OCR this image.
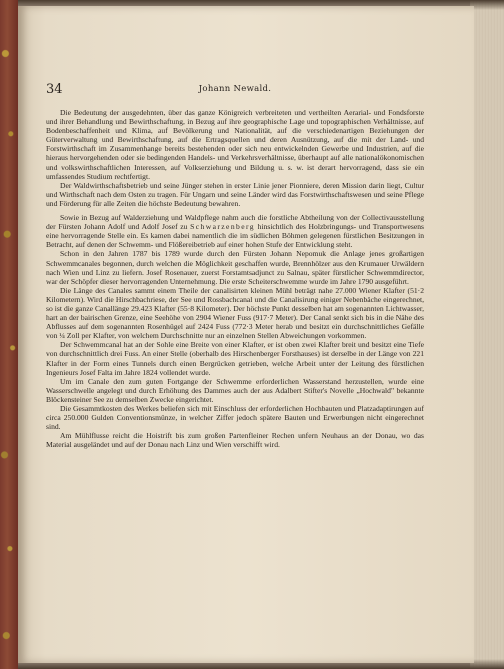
34	Johann Newald.

Die Bedeutung der ausgedehnten, über das ganze Königreich verbreiteten und vertheilten Aerarial- und Fondsforste und ihrer Behandlung und Bewirthschaftung, in Bezug auf ihre geographische Lage und topographischen Verhältnisse, auf Bodenbeschaffenheit und Klima, auf Bevölkerung und Nationalität, auf die verschiedenartigen Beziehungen der Güterverwaltung und Bewirthschaftung, auf die Ertragsquellen und deren Ausnützung, auf die mit der Land- und Forstwirthschaft im Zusammenhange bereits bestehenden oder sich neu entwickelnden Gewerbe und Industrien, auf die hieraus hervorgehenden oder sie bedingenden Handels- und Verkehrsverhältnisse, überhaupt auf alle nationalökonomischen und volkswirthschaftlichen Interessen, auf Volkserziehung und Bildung u. s. w. ist derart hervorragend, dass sie ein umfassendes Studium rechtfertigt.

Der Waldwirthschaftsbetrieb und seine Jünger stehen in erster Linie jener Pionniere, deren Mission darin liegt, Cultur und Wirthschaft nach dem Osten zu tragen. Für Ungarn und seine Länder wird das Forstwirthschaftswesen und seine Pflege und Förderung für alle Zeiten die höchste Bedeutung bewahren.

Sowie in Bezug auf Walderziehung und Waldpflege nahm auch die forstliche Abtheilung von der Collectivausstellung der Fürsten Johann Adolf und Adolf Josef zu Schwarzenberg hinsichtlich des Holzbringungs- und Transportwesens eine hervorragende Stelle ein. Es kamen dabei namentlich die im südlichen Böhmen gelegenen fürstlichen Besitzungen in Betracht, auf denen der Schwemm- und Flößereibetrieb auf einer hohen Stufe der Entwicklung steht.

Schon in den Jahren 1787 bis 1789 wurde durch den Fürsten Johann Nepomuk die Anlage jenes großartigen Schwemmcanales begonnen, durch welchen die Möglichkeit geschaffen wurde, Brennhölzer aus den Krumauer Urwäldern nach Wien und Linz zu liefern. Josef Rosenauer, zuerst Forstamtsadjunct zu Salnau, später fürstlicher Schwemmdirector, war der Schöpfer dieser hervorragenden Unternehmung. Die erste Scheiterschwemme wurde im Jahre 1790 ausgeführt.

Die Länge des Canales sammt einem Theile der canalisirten kleinen Mühl beträgt nahe 27.000 Wiener Klafter (51·2 Kilometern). Wird die Hirschbachriese, der See und Rossbachcanal und die Canalisirung einiger Nebenbäche eingerechnet, so ist die ganze Canallänge 29.423 Klafter (55·8 Kilometer). Der höchste Punkt desselben hat am sogenannten Lichtwasser, hart an der bairischen Grenze, eine Seehöhe von 2904 Wiener Fuss (917·7 Meter). Der Canal senkt sich bis in die Nähe des Abflusses auf dem sogenannten Rosenhügel auf 2424 Fuss (772·3 Meter herab und besitzt ein durchschnittliches Gefälle von ¼ Zoll per Klafter, von welchem Durchschnitte nur an einzelnen Stellen Abweichungen vorkommen.

Der Schwemmcanal hat an der Sohle eine Breite von einer Klafter, er ist oben zwei Klafter breit und besitzt eine Tiefe von durchschnittlich drei Fuss. An einer Stelle (oberhalb des Hirschenberger Forsthauses) ist derselbe in der Länge von 221 Klafter in der Form eines Tunnels durch einen Bergrücken getrieben, welche Arbeit unter der Leitung des fürstlichen Ingenieurs Josef Falta im Jahre 1824 vollendet wurde.

Um im Canale den zum guten Fortgange der Schwemme erforderlichen Wasserstand herzustellen, wurde eine Wasserschwelle angelegt und durch Erhöhung des Dammes auch der aus Adalbert Stifter's Novelle „Hochwald" bekannte Blöckensteiner See zu demselben Zwecke eingerichtet.

Die Gesammtkosten des Werkes beliefen sich mit Einschluss der erforderlichen Hochbauten und Platzadaptirungen auf circa 250.000 Gulden Conventionsmünze, in welcher Ziffer jedoch spätere Bauten und Erwerbungen nicht eingerechnet sind.

Am Mühlflusse reicht die Hoistrift bis zum großen Partenfleiner Rechen unfern Neuhaus an der Donau, wo das Material ausgeländet und auf der Donau nach Linz und Wien verschifft wird.
